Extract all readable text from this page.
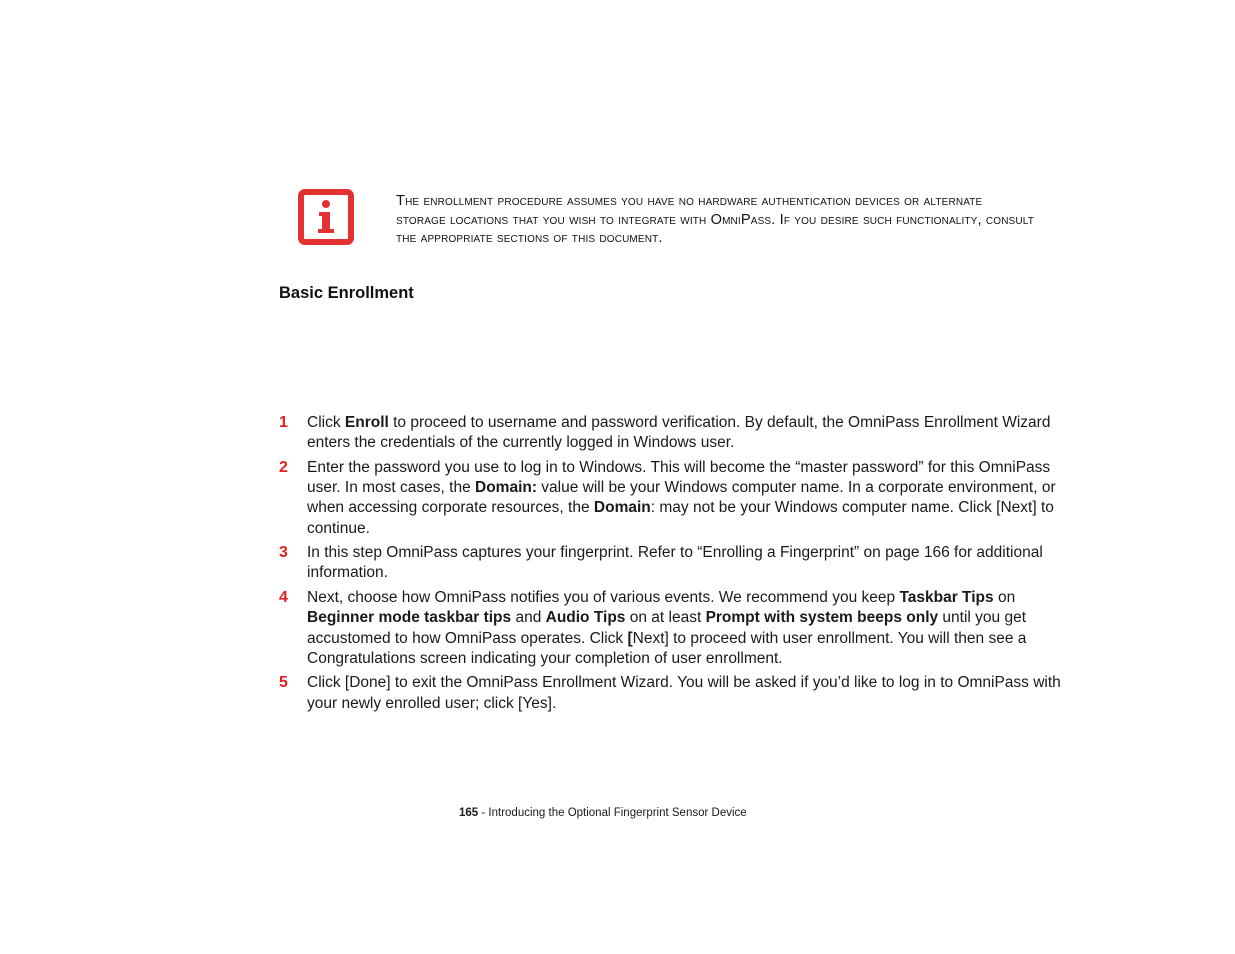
The enrollment procedure assumes you have no hardware authentication devices or alternate storage locations that you wish to integrate with OmniPass. If you desire such functionality, consult the appropriate sections of this document.
Basic Enrollment
1 Click Enroll to proceed to username and password verification. By default, the OmniPass Enrollment Wizard enters the credentials of the currently logged in Windows user.
2 Enter the password you use to log in to Windows. This will become the “master password” for this OmniPass user. In most cases, the Domain: value will be your Windows computer name. In a corporate environment, or when accessing corporate resources, the Domain: may not be your Windows computer name. Click [Next] to continue.
3 In this step OmniPass captures your fingerprint. Refer to “Enrolling a Fingerprint” on page 166 for additional information.
4 Next, choose how OmniPass notifies you of various events. We recommend you keep Taskbar Tips on Beginner mode taskbar tips and Audio Tips on at least Prompt with system beeps only until you get accustomed to how OmniPass operates. Click [Next] to proceed with user enrollment. You will then see a Congratulations screen indicating your completion of user enrollment.
5 Click [Done] to exit the OmniPass Enrollment Wizard. You will be asked if you’d like to log in to OmniPass with your newly enrolled user; click [Yes].
165 - Introducing the Optional Fingerprint Sensor Device
